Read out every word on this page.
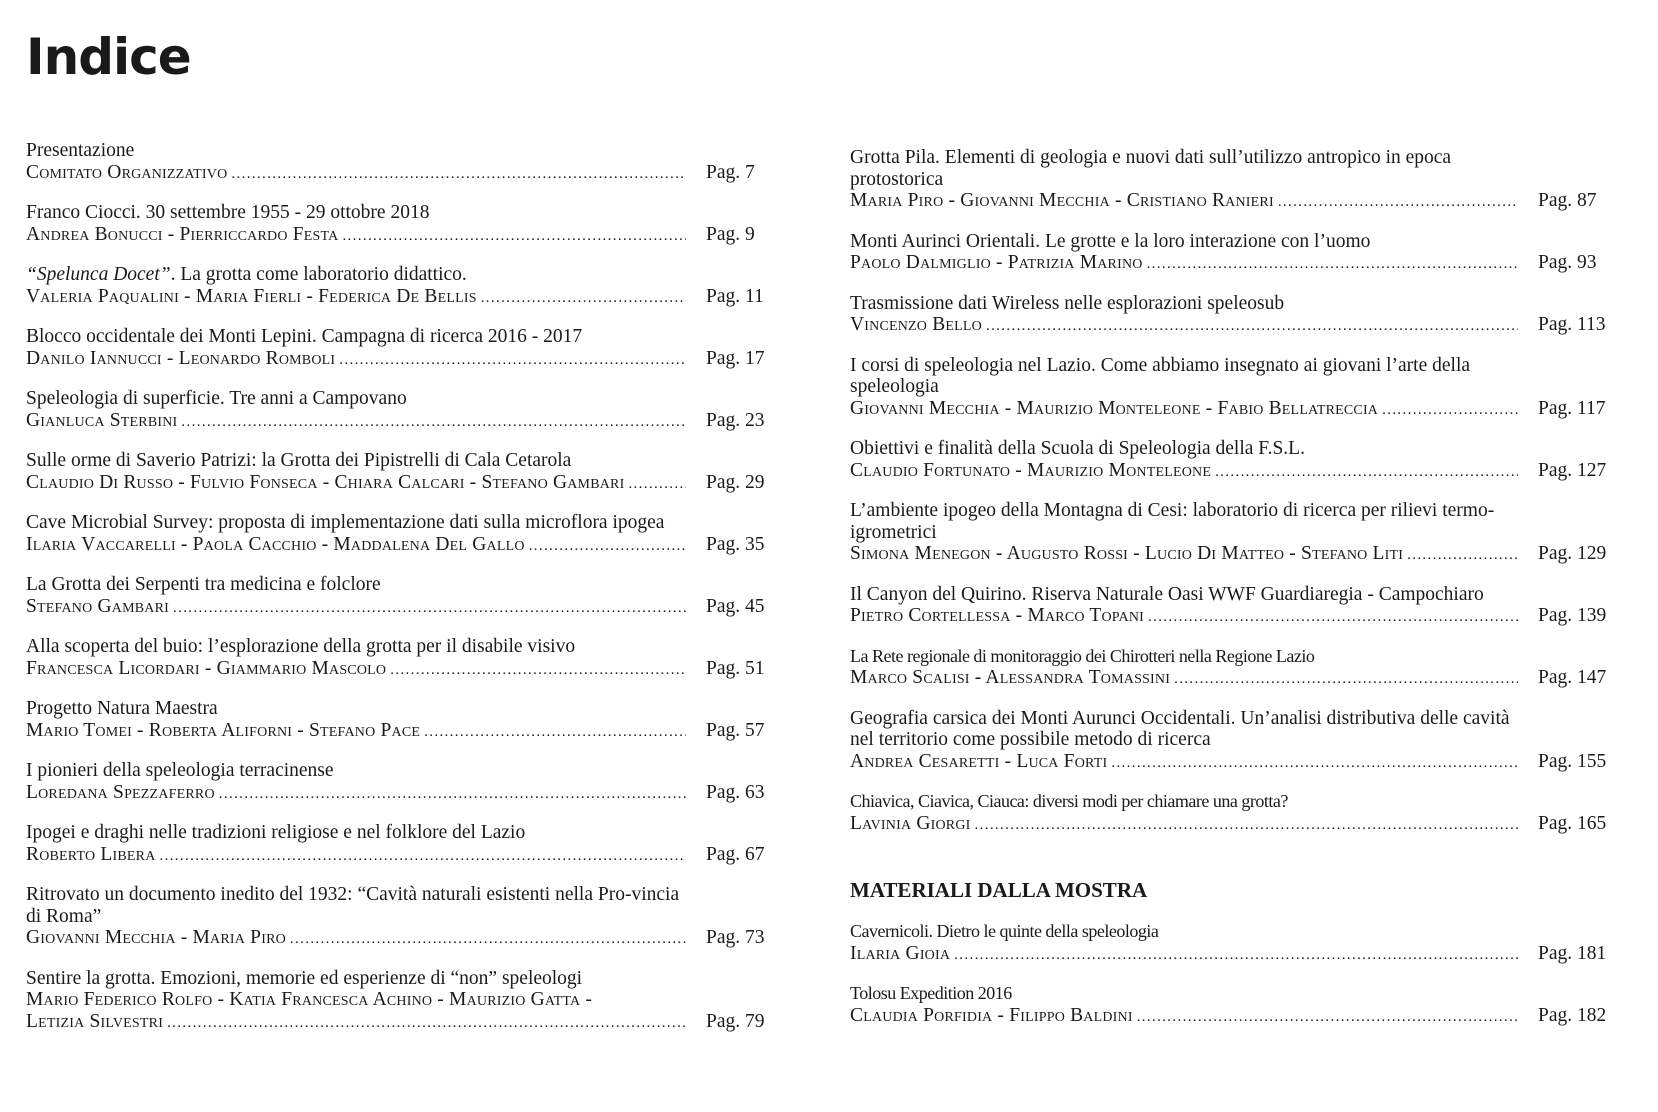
Indice
Presentazione
Comitato Organizzativo . . .	Pag. 7
Franco Ciocci. 30 settembre 1955 - 29 ottobre 2018
Andrea Bonucci - Pierriccardo Festa . . .	Pag. 9
“Spelunca Docet”. La grotta come laboratorio didattico.
Valeria Paqualini - Maria Fierli - Federica De Bellis . . .	Pag. 11
Blocco occidentale dei Monti Lepini. Campagna di ricerca 2016 - 2017
Danilo Iannucci - Leonardo Romboli . . .	Pag. 17
Speleologia di superficie. Tre anni a Campovano
Gianluca Sterbini . . .	Pag. 23
Sulle orme di Saverio Patrizi: la Grotta dei Pipistrelli di Cala Cetarola
Claudio Di Russo - Fulvio Fonseca - Chiara Calcari - Stefano Gambari . . .	Pag. 29
Cave Microbial Survey: proposta di implementazione dati sulla microflora ipogea
Ilaria Vaccarelli - Paola Cacchio - Maddalena Del Gallo . . .	Pag. 35
La Grotta dei Serpenti tra medicina e folclore
Stefano Gambari . . .	Pag. 45
Alla scoperta del buio: l’esplorazione della grotta per il disabile visivo
Francesca Licordari - Giammario Mascolo . . .	Pag. 51
Progetto Natura Maestra
Mario Tomei - Roberta Aliforni - Stefano Pace . . .	Pag. 57
I pionieri della speleologia terracinense
Loredana Spezzaferro . . .	Pag. 63
Ipogei e draghi nelle tradizioni religiose e nel folklore del Lazio
Roberto Libera . . .	Pag. 67
Ritrovato un documento inedito del 1932: “Cavità naturali esistenti nella Pro-vincia di Roma”
Giovanni Mecchia - Maria Piro . . .	Pag. 73
Sentire la grotta. Emozioni, memorie ed esperienze di “non” speleologi
Mario Federico Rolfo - Katia Francesca Achino - Maurizio Gatta -
Letizia Silvestri . . .	Pag. 79
Grotta Pila. Elementi di geologia e nuovi dati sull’utilizzo antropico in epoca protostorica
Maria Piro - Giovanni Mecchia - Cristiano Ranieri . . .	Pag. 87
Monti Aurinci Orientali. Le grotte e la loro interazione con l’uomo
Paolo Dalmiglio - Patrizia Marino . . .	Pag. 93
Trasmissione dati Wireless nelle esplorazioni speleosub
Vincenzo Bello . . .	Pag. 113
I corsi di speleologia nel Lazio. Come abbiamo insegnato ai giovani l’arte della speleologia
Giovanni Mecchia - Maurizio Monteleone - Fabio Bellatreccia . . .	Pag. 117
Obiettivi e finalità della Scuola di Speleologia della F.S.L.
Claudio Fortunato - Maurizio Monteleone . . .	Pag. 127
L’ambiente ipogeo della Montagna di Cesi: laboratorio di ricerca per rilievi termo-igrometrici
Simona Menegon - Augusto Rossi - Lucio Di Matteo - Stefano Liti . . .	Pag. 129
Il Canyon del Quirino. Riserva Naturale Oasi WWF Guardiaregia - Campochiaro
Pietro Cortellessa - Marco Topani . . .	Pag. 139
La Rete regionale di monitoraggio dei Chirotteri nella Regione Lazio
Marco Scalisi - Alessandra Tomassini . . .	Pag. 147
Geografia carsica dei Monti Aurunci Occidentali. Un’analisi distributiva delle cavità nel territorio come possibile metodo di ricerca
Andrea Cesaretti - Luca Forti . . .	Pag. 155
Chiavica, Ciavica, Ciauca: diversi modi per chiamare una grotta?
Lavinia Giorgi . . .	Pag. 165
MATERIALI DALLA MOSTRA
Cavernicoli. Dietro le quinte della speleologia
Ilaria Gioia . . .	Pag. 181
Tolosu Expedition 2016
Claudia Porfidia - Filippo Baldini . . .	Pag. 182
